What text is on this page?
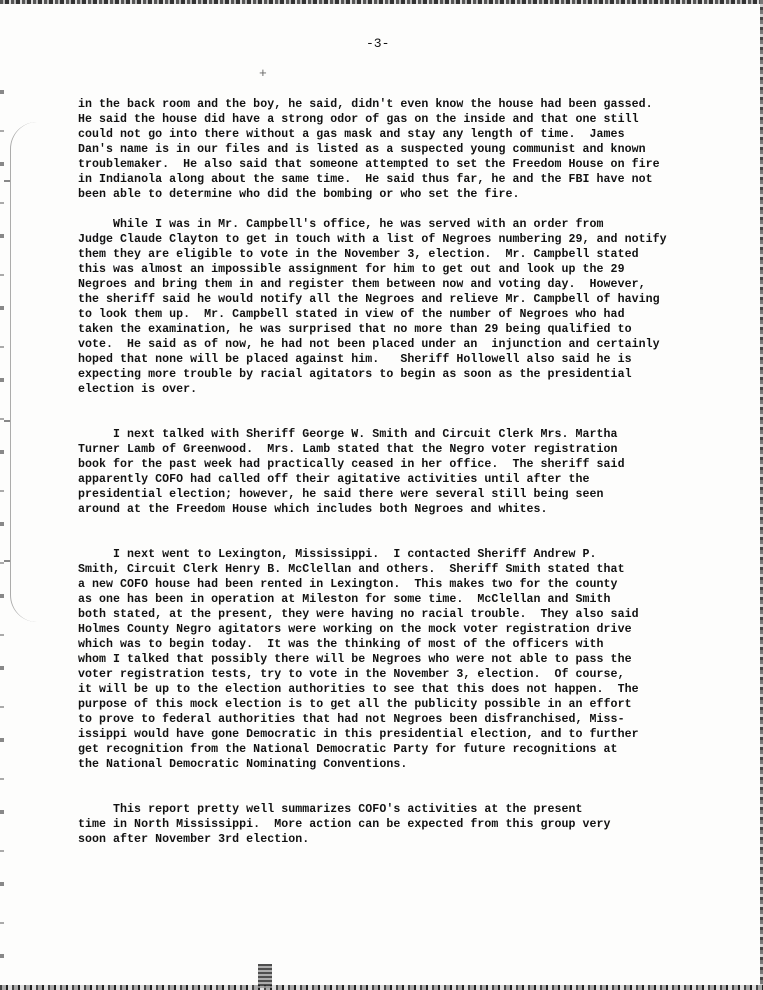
-3-
+
in the back room and the boy, he said, didn't even know the house had been gassed.
He said the house did have a strong odor of gas on the inside and that one still
could not go into there without a gas mask and stay any length of time.  James
Dan's name is in our files and is listed as a suspected young communist and known
troublemaker.  He also said that someone attempted to set the Freedom House on fire
in Indianola along about the same time.  He said thus far, he and the FBI have not
been able to determine who did the bombing or who set the fire.
While I was in Mr. Campbell's office, he was served with an order from
Judge Claude Clayton to get in touch with a list of Negroes numbering 29, and notify
them they are eligible to vote in the November 3, election.  Mr. Campbell stated
this was almost an impossible assignment for him to get out and look up the 29
Negroes and bring them in and register them between now and voting day.  However,
the sheriff said he would notify all the Negroes and relieve Mr. Campbell of having
to look them up.  Mr. Campbell stated in view of the number of Negroes who had
taken the examination, he was surprised that no more than 29 being qualified to
vote.  He said as of now, he had not been placed under an  injunction and certainly
hoped that none will be placed against him.   Sheriff Hollowell also said he is
expecting more trouble by racial agitators to begin as soon as the presidential
election is over.
I next talked with Sheriff George W. Smith and Circuit Clerk Mrs. Martha
Turner Lamb of Greenwood.  Mrs. Lamb stated that the Negro voter registration
book for the past week had practically ceased in her office.  The sheriff said
apparently COFO had called off their agitative activities until after the
presidential election; however, he said there were several still being seen
around at the Freedom House which includes both Negroes and whites.
I next went to Lexington, Mississippi.  I contacted Sheriff Andrew P.
Smith, Circuit Clerk Henry B. McClellan and others.  Sheriff Smith stated that
a new COFO house had been rented in Lexington.  This makes two for the county
as one has been in operation at Mileston for some time.  McClellan and Smith
both stated, at the present, they were having no racial trouble.  They also said
Holmes County Negro agitators were working on the mock voter registration drive
which was to begin today.  It was the thinking of most of the officers with
whom I talked that possibly there will be Negroes who were not able to pass the
voter registration tests, try to vote in the November 3, election.  Of course,
it will be up to the election authorities to see that this does not happen.  The
purpose of this mock election is to get all the publicity possible in an effort
to prove to federal authorities that had not Negroes been disfranchised, Miss-
issippi would have gone Democratic in this presidential election, and to further
get recognition from the National Democratic Party for future recognitions at
the National Democratic Nominating Conventions.
This report pretty well summarizes COFO's activities at the present
time in North Mississippi.  More action can be expected from this group very
soon after November 3rd election.
